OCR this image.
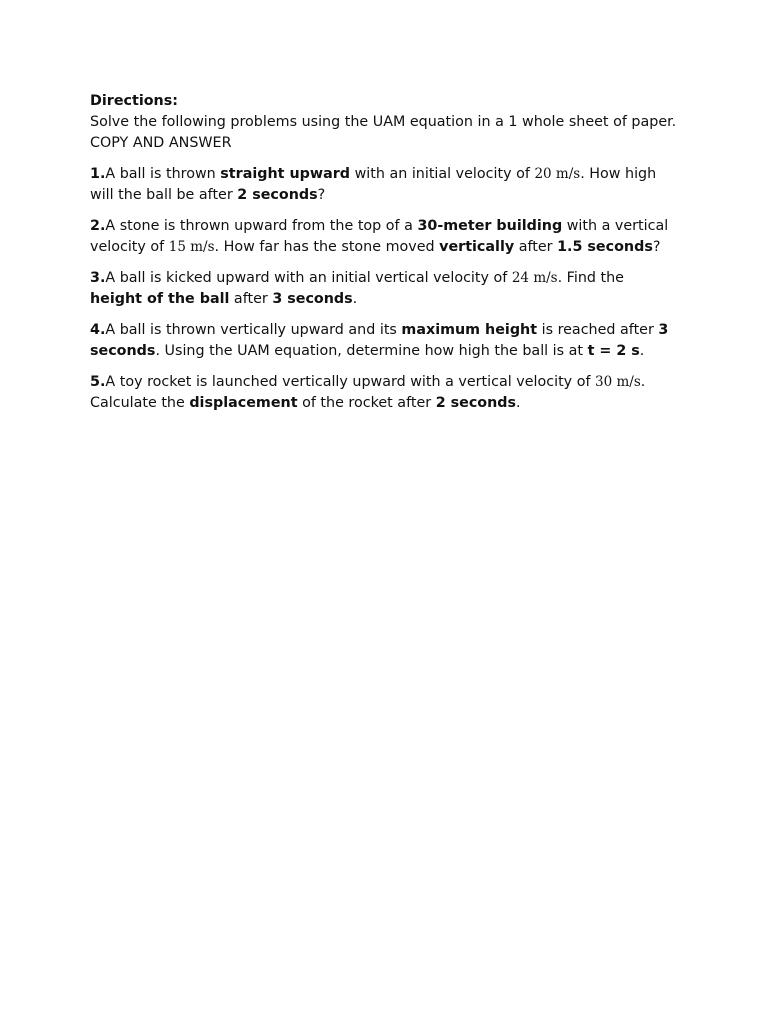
Directions:

Solve the following problems using the UAM equation in a 1 whole sheet of paper. COPY AND ANSWER

1.A ball is thrown straight upward with an initial velocity of 20 m/s. How high will the ball be after 2 seconds?

2.A stone is thrown upward from the top of a 30-meter building with a vertical velocity of 15 m/s. How far has the stone moved vertically after 1.5 seconds?

3.A ball is kicked upward with an initial vertical velocity of 24 m/s. Find the height of the ball after 3 seconds.

4.A ball is thrown vertically upward and its maximum height is reached after 3 seconds. Using the UAM equation, determine how high the ball is at t = 2 s.

5.A toy rocket is launched vertically upward with a vertical velocity of 30 m/s. Calculate the displacement of the rocket after 2 seconds.
